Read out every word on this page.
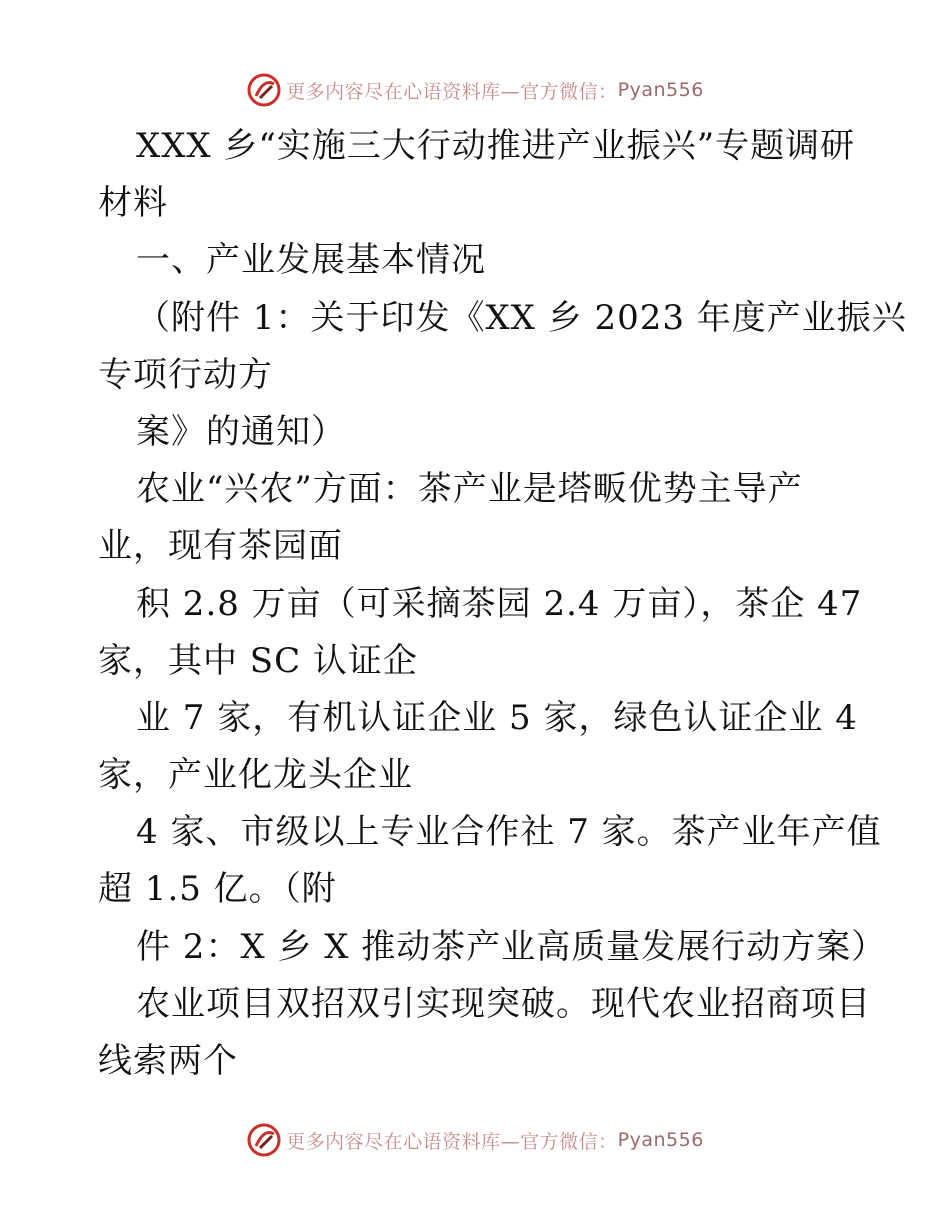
更多内容尽在心语资料库—官方微信： Pyan556
XXX 乡“实施三大行动推进产业振兴”专题调研
材料
一、产业发展基本情况
（附件 1：关于印发《XX 乡 2023 年度产业振兴
专项行动方
案》的通知）
农业“兴农”方面：茶产业是塔畈优势主导产
业，现有茶园面
积 2.8 万亩（可采摘茶园 2.4 万亩），茶企 47
家，其中 SC 认证企
业 7 家，有机认证企业 5 家，绿色认证企业 4
家，产业化龙头企业
4 家、市级以上专业合作社 7 家。茶产业年产值
超 1.5 亿。（附
件 2：X 乡 X 推动茶产业高质量发展行动方案）
农业项目双招双引实现突破。现代农业招商项目
线索两个
更多内容尽在心语资料库—官方微信： Pyan556
